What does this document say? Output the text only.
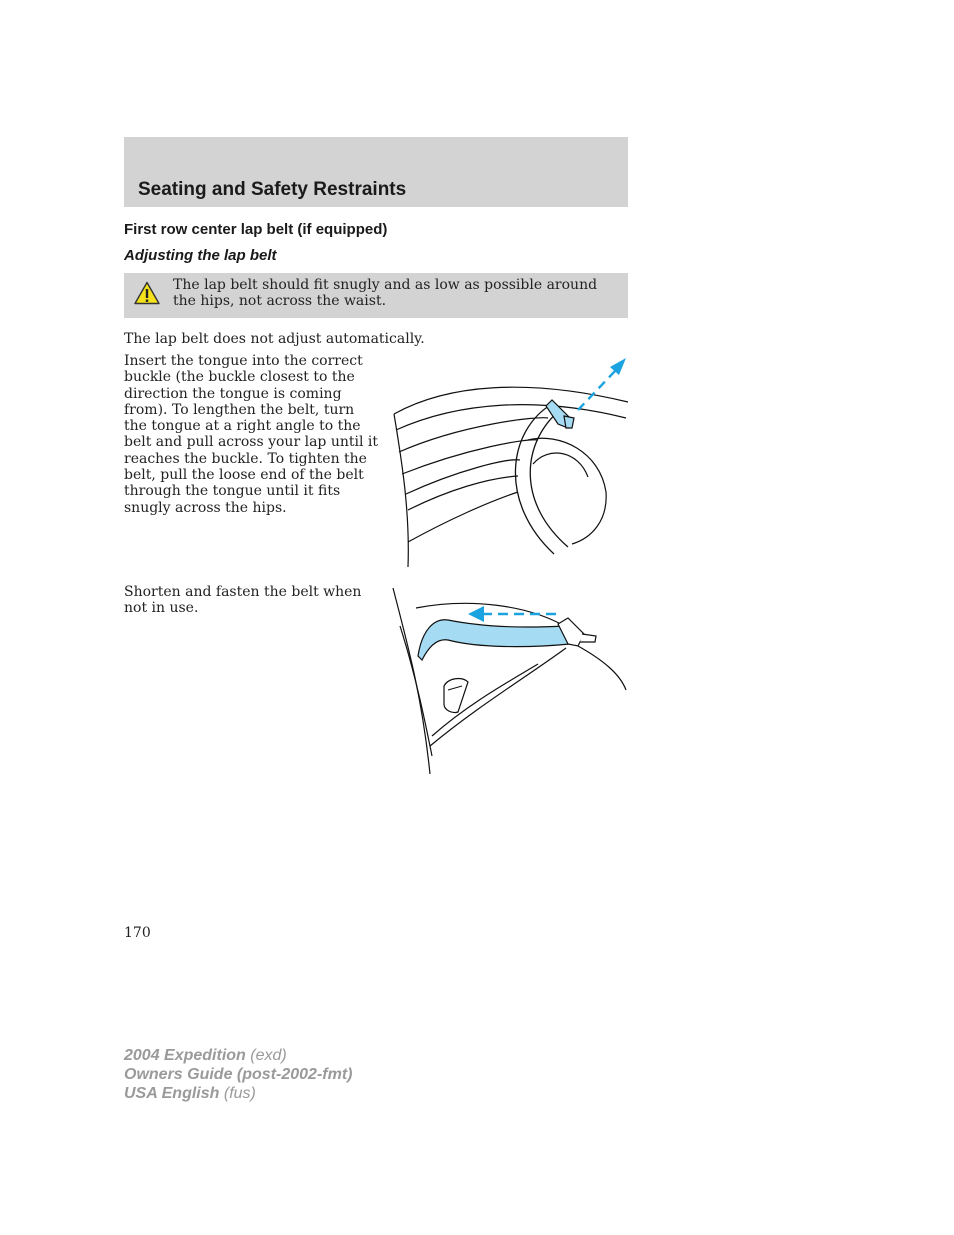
Seating and Safety Restraints
First row center lap belt (if equipped)
Adjusting the lap belt

The lap belt should fit snugly and as low as possible around the hips, not across the waist.

The lap belt does not adjust automatically.

Insert the tongue into the correct buckle (the buckle closest to the direction the tongue is coming from). To lengthen the belt, turn the tongue at a right angle to the belt and pull across your lap until it reaches the buckle. To tighten the belt, pull the loose end of the belt through the tongue until it fits snugly across the hips.

Shorten and fasten the belt when not in use.

170

2004 Expedition (exd)
Owners Guide (post-2002-fmt)
USA English (fus)
